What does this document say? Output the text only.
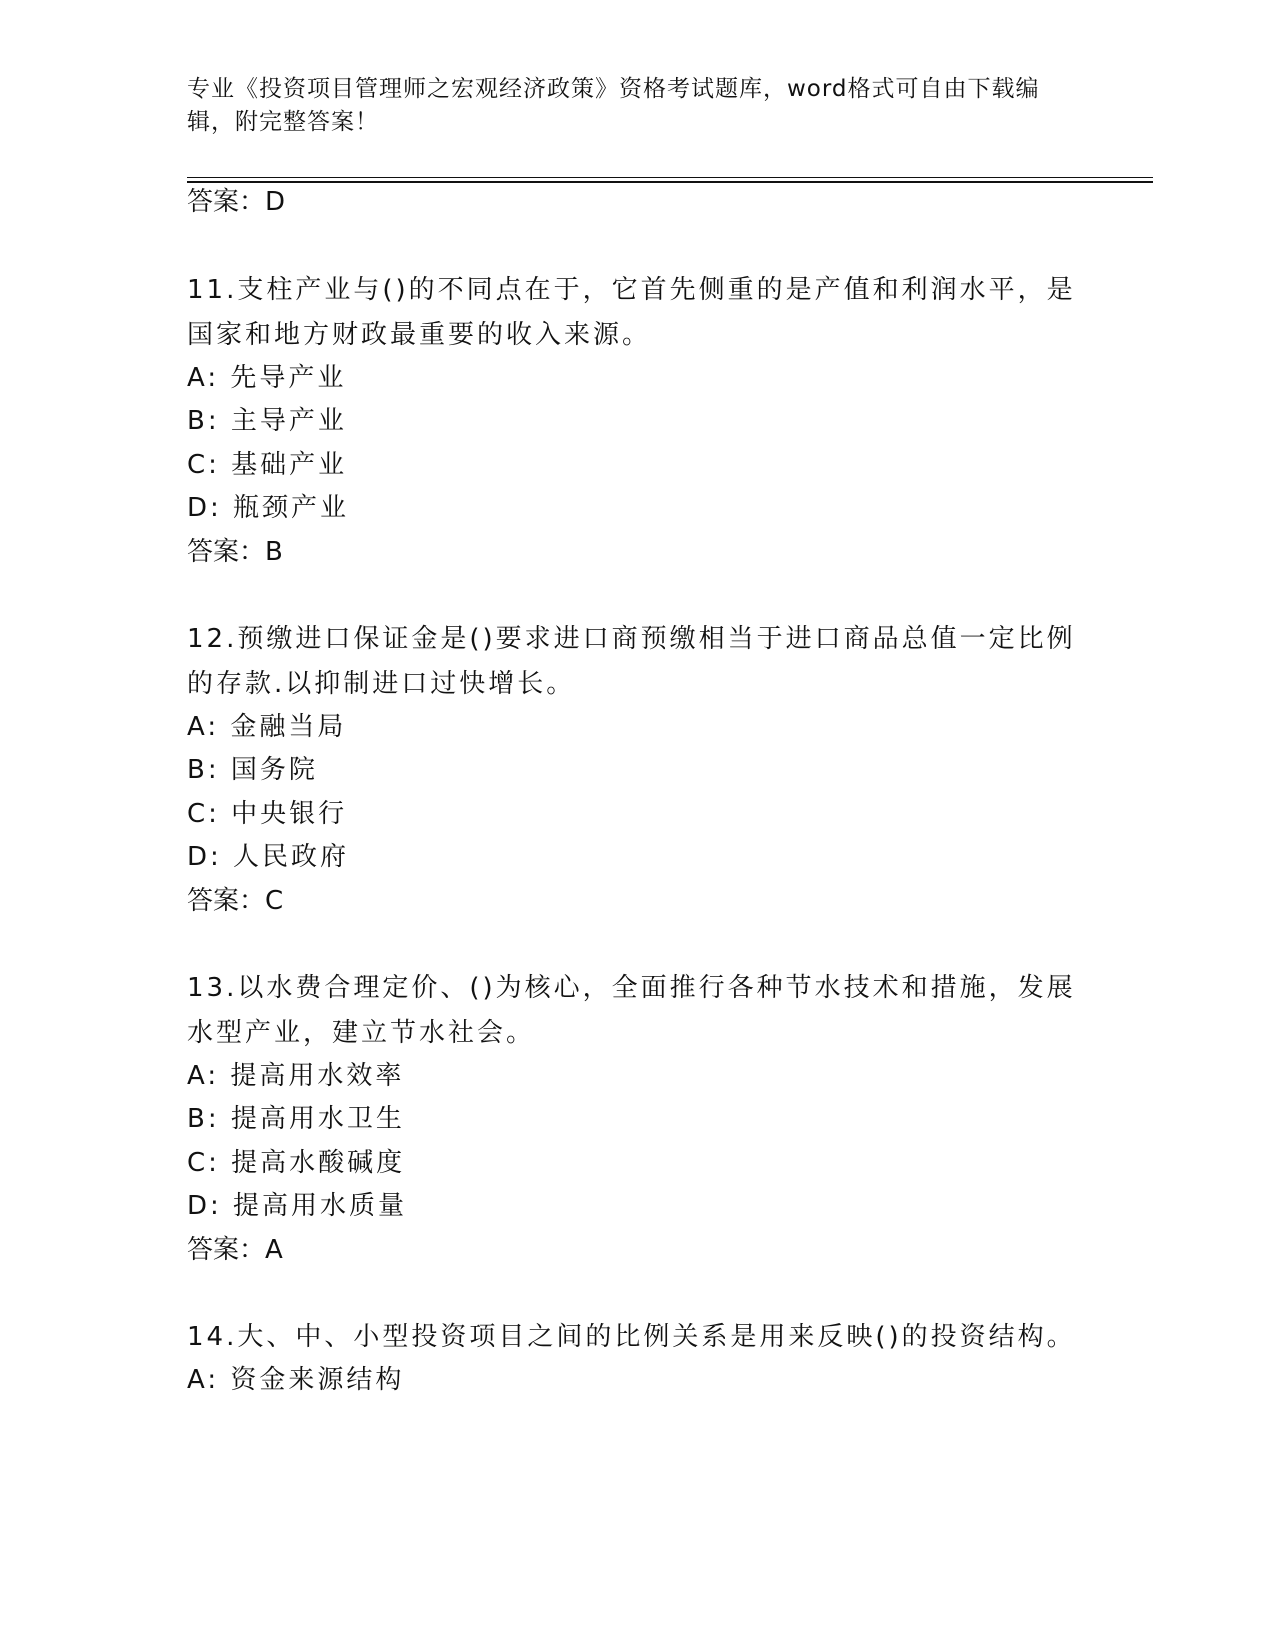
专业《投资项目管理师之宏观经济政策》资格考试题库，word格式可自由下载编辑，附完整答案！
答案：D
11.支柱产业与()的不同点在于，它首先侧重的是产值和利润水平，是国家和地方财政最重要的收入来源。
A: 先导产业
B: 主导产业
C: 基础产业
D: 瓶颈产业
答案：B
12.预缴进口保证金是()要求进口商预缴相当于进口商品总值一定比例的存款.以抑制进口过快增长。
A: 金融当局
B: 国务院
C: 中央银行
D: 人民政府
答案：C
13.以水费合理定价、()为核心，全面推行各种节水技术和措施，发展水型产业，建立节水社会。
A: 提高用水效率
B: 提高用水卫生
C: 提高水酸碱度
D: 提高用水质量
答案：A
14.大、中、小型投资项目之间的比例关系是用来反映()的投资结构。
A: 资金来源结构
